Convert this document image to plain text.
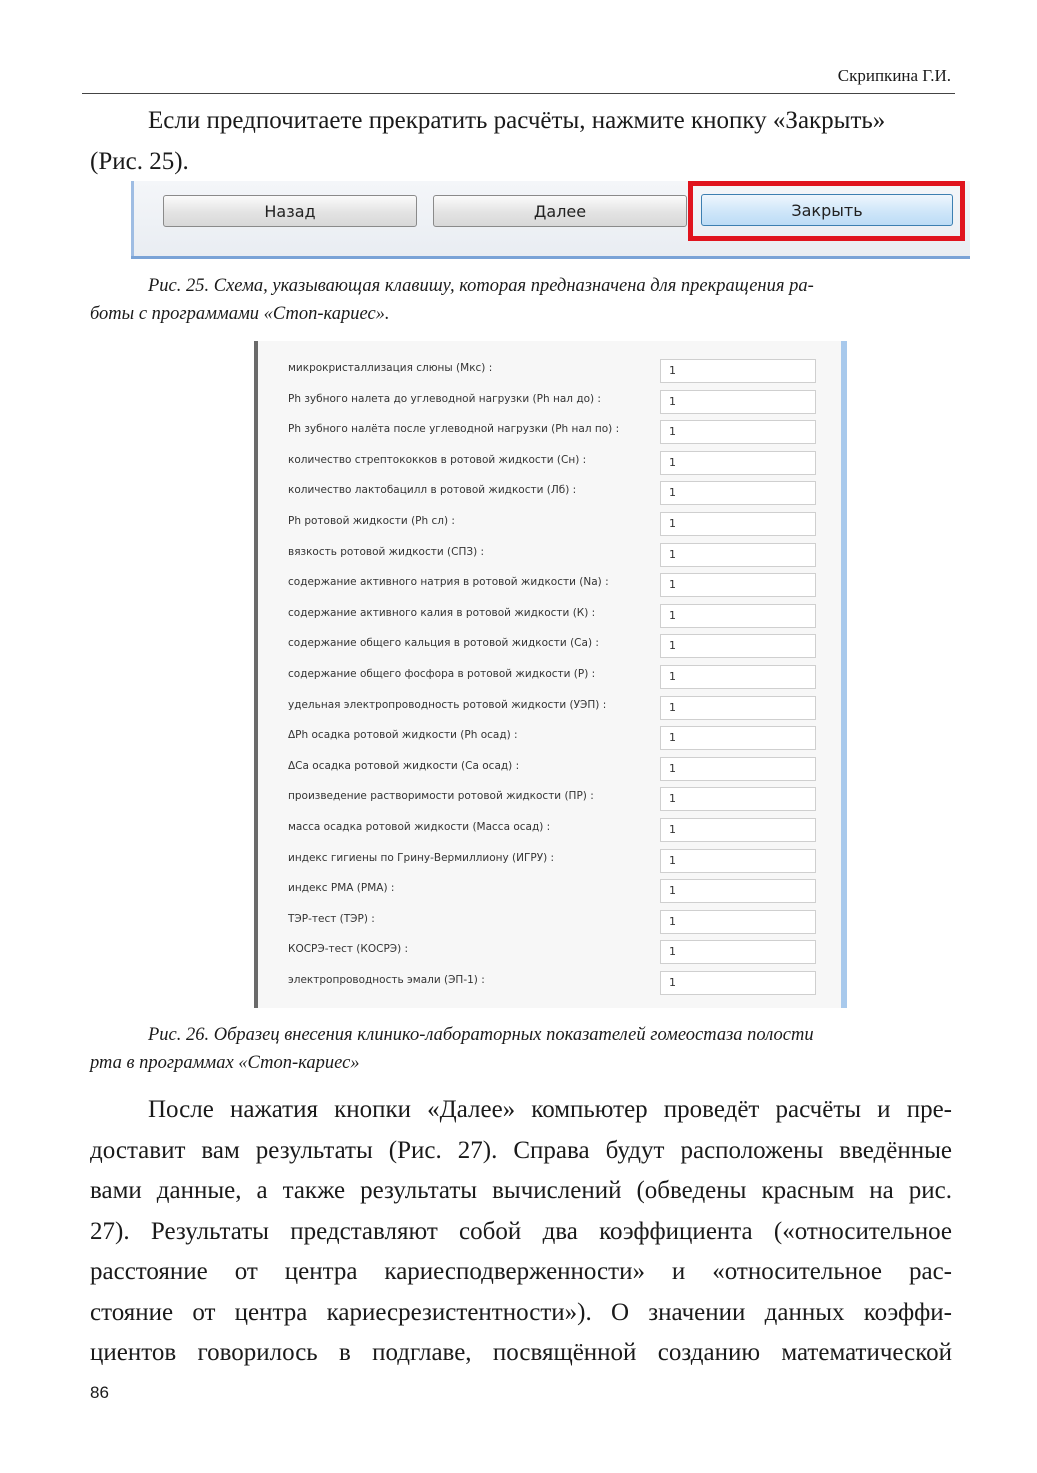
Скрипкина Г.И.
Если предпочитаете прекратить расчёты, нажмите кнопку «Закрыть»
(Рис. 25).
Назад	Далее	Закрыть
Рис. 25. Схема, указывающая клавишу, которая предназначена для прекращения ра-
боты с программами «Стоп-кариес».
микрокристаллизация слюны (Мкс) :	1
Ph зубного налета до углеводной нагрузки (Ph нал до) :	1
Ph зубного налёта после углеводной нагрузки (Ph нал по) :	1
количество стрептококков в ротовой жидкости (Сн) :	1
количество лактобацилл в ротовой жидкости (Лб) :	1
Ph ротовой жидкости (Ph сл) :	1
вязкость ротовой жидкости (СПЗ) :	1
содержание активного натрия в ротовой жидкости (Na) :	1
содержание активного калия в ротовой жидкости (К) :	1
содержание общего кальция в ротовой жидкости (Са) :	1
содержание общего фосфора в ротовой жидкости (Р) :	1
удельная электропроводность ротовой жидкости (УЭП) :	1
ΔPh осадка ротовой жидкости (Ph осад) :	1
ΔCa осадка ротовой жидкости (Са осад) :	1
произведение растворимости ротовой жидкости (ПР) :	1
масса осадка ротовой жидкости (Масса осад) :	1
индекс гигиены по Грину-Вермиллиону (ИГРУ) :	1
индекс РМА (РМА) :	1
ТЭР-тест (ТЭР) :	1
КОСРЭ-тест (КОСРЭ) :	1
электропроводность эмали (ЭП-1) :	1
Рис. 26. Образец внесения клинико-лабораторных показателей гомеостаза полости
рта в программах «Стоп-кариес»
После нажатия кнопки «Далее» компьютер проведёт расчёты и пре-
доставит вам результаты (Рис. 27). Справа будут расположены введённые
вами данные, а также результаты вычислений (обведены красным на рис.
27). Результаты представляют собой два коэффициента («относительное
расстояние от центра кариесподверженности» и «относительное рас-
стояние от центра кариесрезистентности»). О значении данных коэффи-
циентов говорилось в подглаве, посвящённой созданию математической
86
